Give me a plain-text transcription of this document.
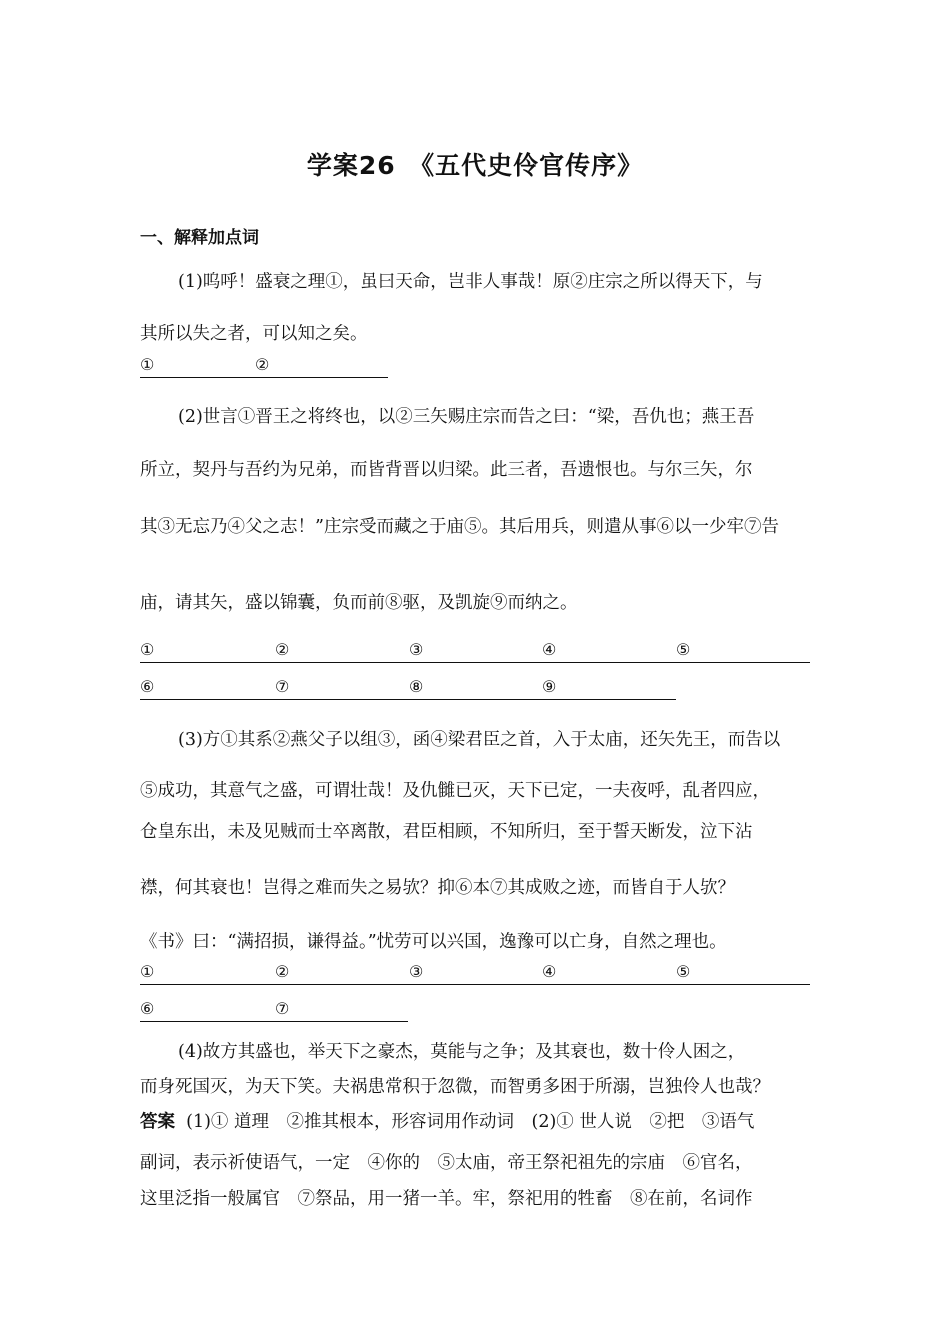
学案26　《五代史伶官传序》
一、解释加点词
(1)呜呼！盛衰之理①，虽曰天命，岂非人事哉！原②庄宗之所以得天下，与
其所以失之者，可以知之矣。
①	②
(2)世言①晋王之将终也，以②三矢赐庄宗而告之曰：“梁，吾仇也；燕王吾
所立，契丹与吾约为兄弟，而皆背晋以归梁。此三者，吾遗恨也。与尔三矢，尔
其③无忘乃④父之志！”庄宗受而藏之于庙⑤。其后用兵，则遣从事⑥以一少牢⑦告
庙，请其矢，盛以锦囊，负而前⑧驱，及凯旋⑨而纳之。
①	②	③	④	⑤
⑥	⑦	⑧	⑨
(3)方①其系②燕父子以组③，函④梁君臣之首，入于太庙，还矢先王，而告以
⑤成功，其意气之盛，可谓壮哉！及仇雠已灭，天下已定，一夫夜呼，乱者四应，
仓皇东出，未及见贼而士卒离散，君臣相顾，不知所归，至于誓天断发，泣下沾
襟，何其衰也！岂得之难而失之易欤？抑⑥本⑦其成败之迹，而皆自于人欤？
《书》曰：“满招损，谦得益。”忧劳可以兴国，逸豫可以亡身，自然之理也。
①	②	③	④	⑤
⑥	⑦
(4)故方其盛也，举天下之豪杰，莫能与之争；及其衰也，数十伶人困之，
而身死国灭，为天下笑。夫祸患常积于忽微，而智勇多困于所溺，岂独伶人也哉？
答案 (1)① 道理　②推其根本，形容词用作动词　(2)① 世人说　②把　③语气
副词，表示祈使语气，一定　④你的　⑤太庙，帝王祭祀祖先的宗庙　⑥官名，
这里泛指一般属官　⑦祭品，用一猪一羊。牢，祭祀用的牲畜　⑧在前，名词作
